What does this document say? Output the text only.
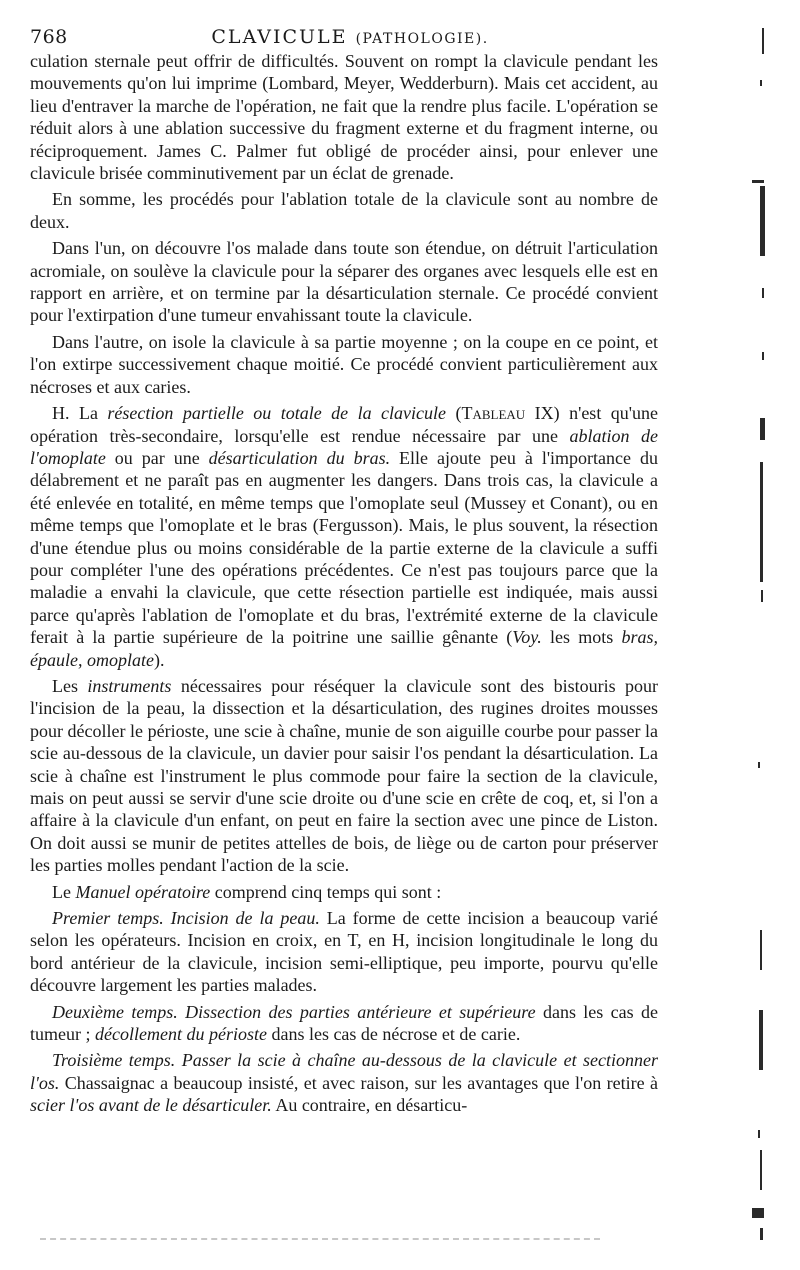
768	CLAVICULE (PATHOLOGIE).

culation sternale peut offrir de difficultés. Souvent on rompt la clavicule pendant les mouvements qu'on lui imprime (Lombard, Meyer, Wedderburn). Mais cet accident, au lieu d'entraver la marche de l'opération, ne fait que la rendre plus facile. L'opération se réduit alors à une ablation successive du fragment externe et du fragment interne, ou réciproquement. James C. Palmer fut obligé de procéder ainsi, pour enlever une clavicule brisée comminutivement par un éclat de grenade.

En somme, les procédés pour l'ablation totale de la clavicule sont au nombre de deux.

Dans l'un, on découvre l'os malade dans toute son étendue, on détruit l'articulation acromiale, on soulève la clavicule pour la séparer des organes avec lesquels elle est en rapport en arrière, et on termine par la désarticulation sternale. Ce procédé convient pour l'extirpation d'une tumeur envahissant toute la clavicule.

Dans l'autre, on isole la clavicule à sa partie moyenne ; on la coupe en ce point, et l'on extirpe successivement chaque moitié. Ce procédé convient particulièrement aux nécroses et aux caries.

H. La résection partielle ou totale de la clavicule (Tableau IX) n'est qu'une opération très-secondaire, lorsqu'elle est rendue nécessaire par une ablation de l'omoplate ou par une désarticulation du bras. Elle ajoute peu à l'importance du délabrement et ne paraît pas en augmenter les dangers. Dans trois cas, la clavicule a été enlevée en totalité, en même temps que l'omoplate seul (Mussey et Conant), ou en même temps que l'omoplate et le bras (Fergusson). Mais, le plus souvent, la résection d'une étendue plus ou moins considérable de la partie externe de la clavicule a suffi pour compléter l'une des opérations précédentes. Ce n'est pas toujours parce que la maladie a envahi la clavicule, que cette résection partielle est indiquée, mais aussi parce qu'après l'ablation de l'omoplate et du bras, l'extrémité externe de la clavicule ferait à la partie supérieure de la poitrine une saillie gênante (Voy. les mots bras, épaule, omoplate).

Les instruments nécessaires pour réséquer la clavicule sont des bistouris pour l'incision de la peau, la dissection et la désarticulation, des rugines droites mousses pour décoller le périoste, une scie à chaîne, munie de son aiguille courbe pour passer la scie au-dessous de la clavicule, un davier pour saisir l'os pendant la désarticulation. La scie à chaîne est l'instrument le plus commode pour faire la section de la clavicule, mais on peut aussi se servir d'une scie droite ou d'une scie en crête de coq, et, si l'on a affaire à la clavicule d'un enfant, on peut en faire la section avec une pince de Liston. On doit aussi se munir de petites attelles de bois, de liège ou de carton pour préserver les parties molles pendant l'action de la scie.

Le Manuel opératoire comprend cinq temps qui sont :

Premier temps. Incision de la peau. La forme de cette incision a beaucoup varié selon les opérateurs. Incision en croix, en T, en H, incision longitudinale le long du bord antérieur de la clavicule, incision semi-elliptique, peu importe, pourvu qu'elle découvre largement les parties malades.

Deuxième temps. Dissection des parties antérieure et supérieure dans les cas de tumeur ; décollement du périoste dans les cas de nécrose et de carie.

Troisième temps. Passer la scie à chaîne au-dessous de la clavicule et sectionner l'os. Chassaignac a beaucoup insisté, et avec raison, sur les avantages que l'on retire à scier l'os avant de le désarticuler. Au contraire, en désarticu-
